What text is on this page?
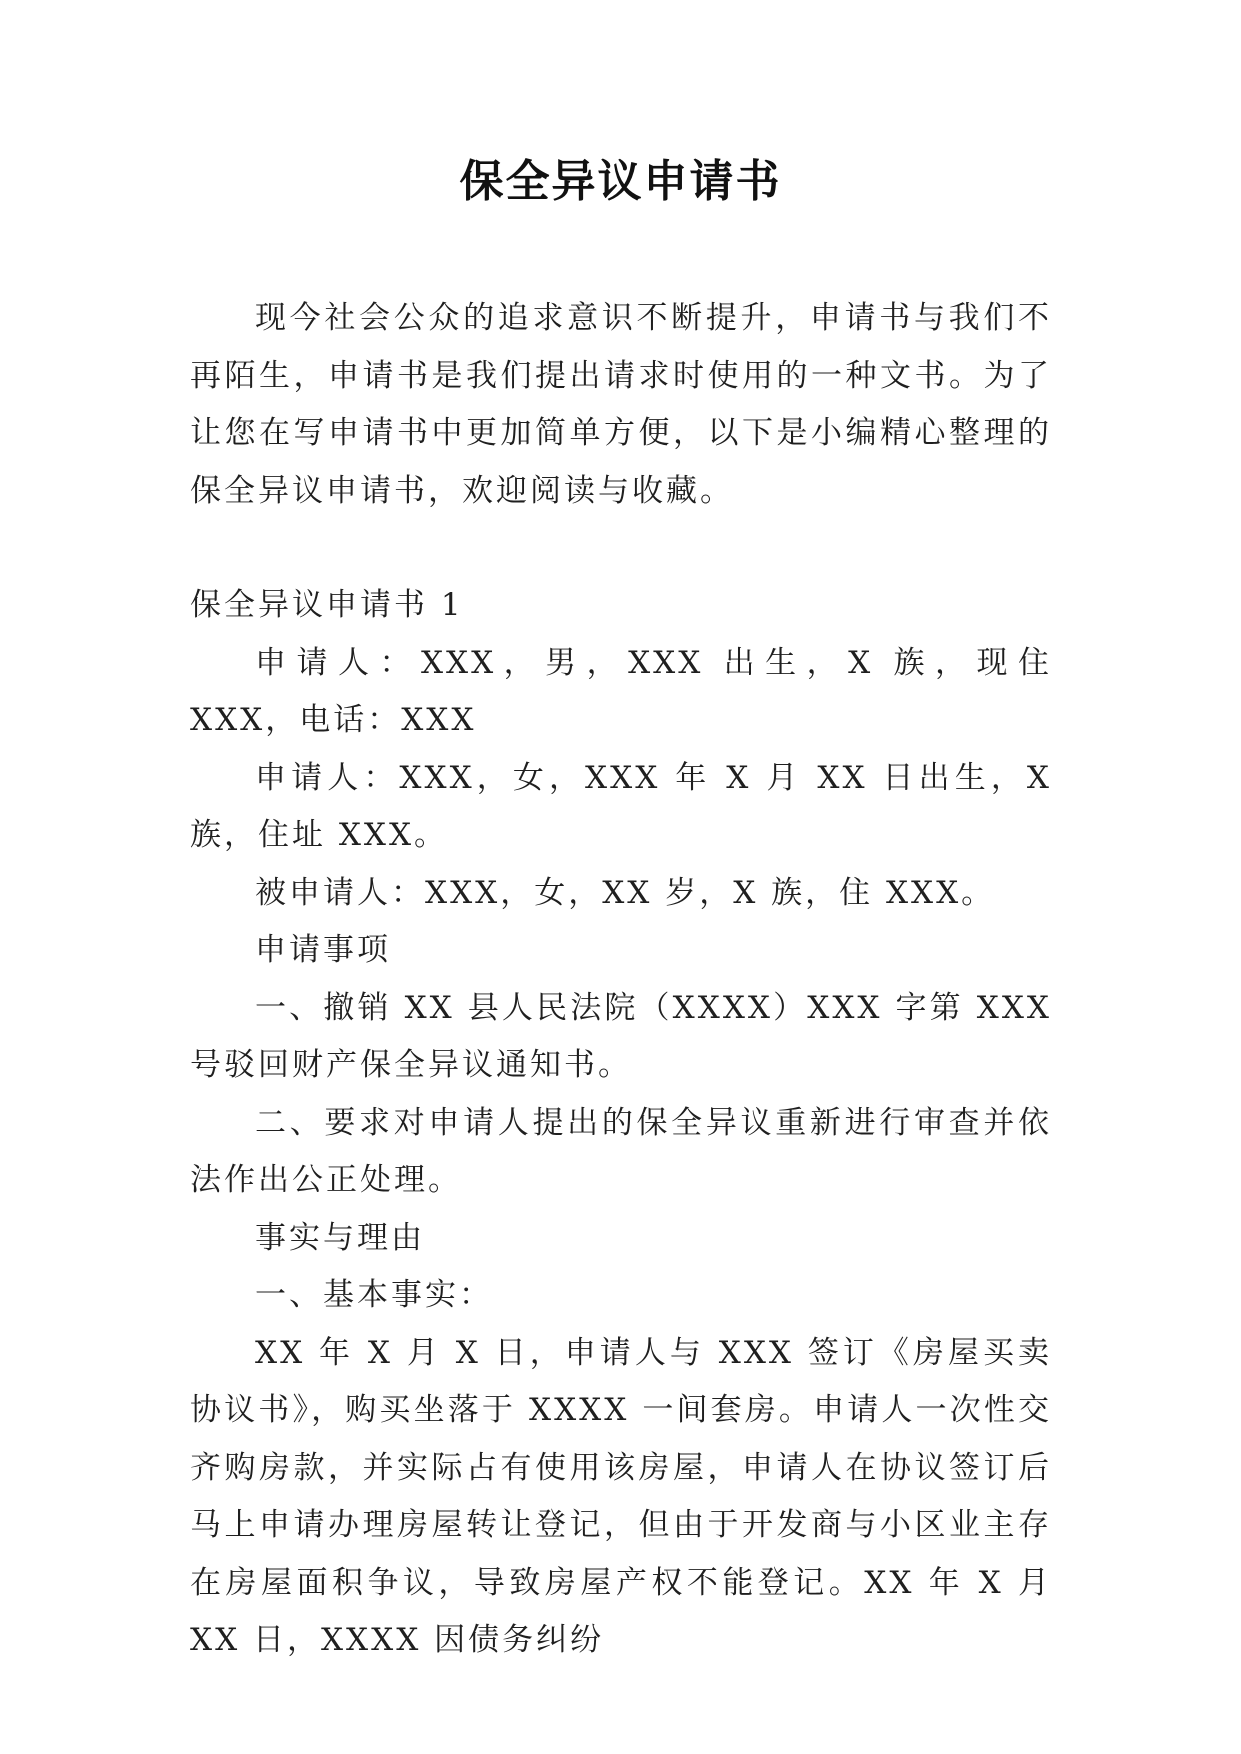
保全异议申请书

现今社会公众的追求意识不断提升，申请书与我们不再陌生，申请书是我们提出请求时使用的一种文书。为了让您在写申请书中更加简单方便，以下是小编精心整理的保全异议申请书，欢迎阅读与收藏。

保全异议申请书 1

申请人：XXX，男，XXX 出生，X 族，现住 XXX，电话：XXX

申请人：XXX，女，XXX 年 X 月 XX 日出生，X 族，住址 XXX。

被申请人：XXX，女，XX 岁，X 族，住 XXX。

申请事项

一、撤销 XX 县人民法院（XXXX）XXX 字第 XXX 号驳回财产保全异议通知书。

二、要求对申请人提出的保全异议重新进行审查并依法作出公正处理。

事实与理由

一、基本事实：

XX 年 X 月 X 日，申请人与 XXX 签订《房屋买卖协议书》，购买坐落于 XXXX 一间套房。申请人一次性交齐购房款，并实际占有使用该房屋，申请人在协议签订后马上申请办理房屋转让登记，但由于开发商与小区业主存在房屋面积争议，导致房屋产权不能登记。XX 年 X 月 XX 日，XXXX 因债务纠纷
